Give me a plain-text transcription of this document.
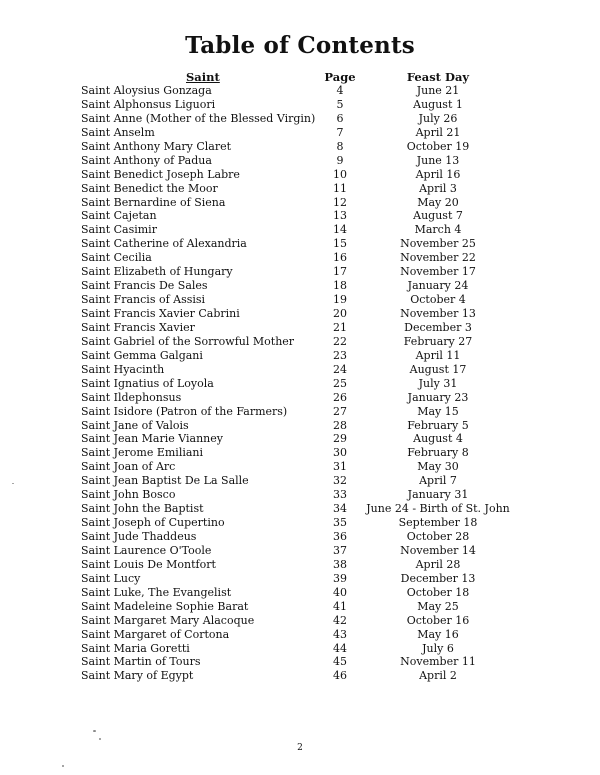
Table of Contents
Saint	Page	Feast Day
Saint Aloysius Gonzaga	4	June 21
Saint Alphonsus Liguori	5	August 1
Saint Anne (Mother of the Blessed Virgin) 6	July 26
Saint Anselm	7	April 21
Saint Anthony Mary Claret	8	October 19
Saint Anthony of Padua	9	June 13
Saint Benedict Joseph Labre	10	April 16
Saint Benedict the Moor	11	April 3
Saint Bernardine of Siena	12	May 20
Saint Cajetan	13	August 7
Saint Casimir	14	March 4
Saint Catherine of Alexandria	15	November 25
Saint Cecilia	16	November 22
Saint Elizabeth of Hungary	17	November 17
Saint Francis De Sales	18	January 24
Saint Francis of Assisi	19	October 4
Saint Francis Xavier Cabrini	20	November 13
Saint Francis Xavier	21	December 3
Saint Gabriel of the Sorrowful Mother	22	February 27
Saint Gemma Galgani	23	April 11
Saint Hyacinth	24	August 17
Saint Ignatius of Loyola	25	July 31
Saint Ildephonsus	26	January 23
Saint Isidore (Patron of the Farmers)	27	May 15
Saint Jane of Valois	28	February 5
Saint Jean Marie Vianney	29	August 4
Saint Jerome Emiliani	30	February 8
Saint Joan of Arc	31	May 30
Saint Jean Baptist De La Salle	32	April 7
Saint John Bosco	33	January 31
Saint John the Baptist	34 June 24 - Birth of St. John
Saint Joseph of Cupertino	35	September 18
Saint Jude Thaddeus	36	October 28
Saint Laurence O'Toole	37	November 14
Saint Louis De Montfort	38	April 28
Saint Lucy	39	December 13
Saint Luke, The Evangelist	40	October 18
Saint Madeleine Sophie Barat	41	May 25
Saint Margaret Mary Alacoque	42	October 16
Saint Margaret of Cortona	43	May 16
Saint Maria Goretti	44	July 6
Saint Martin of Tours	45	November 11
Saint Mary of Egypt	46	April 2
2
